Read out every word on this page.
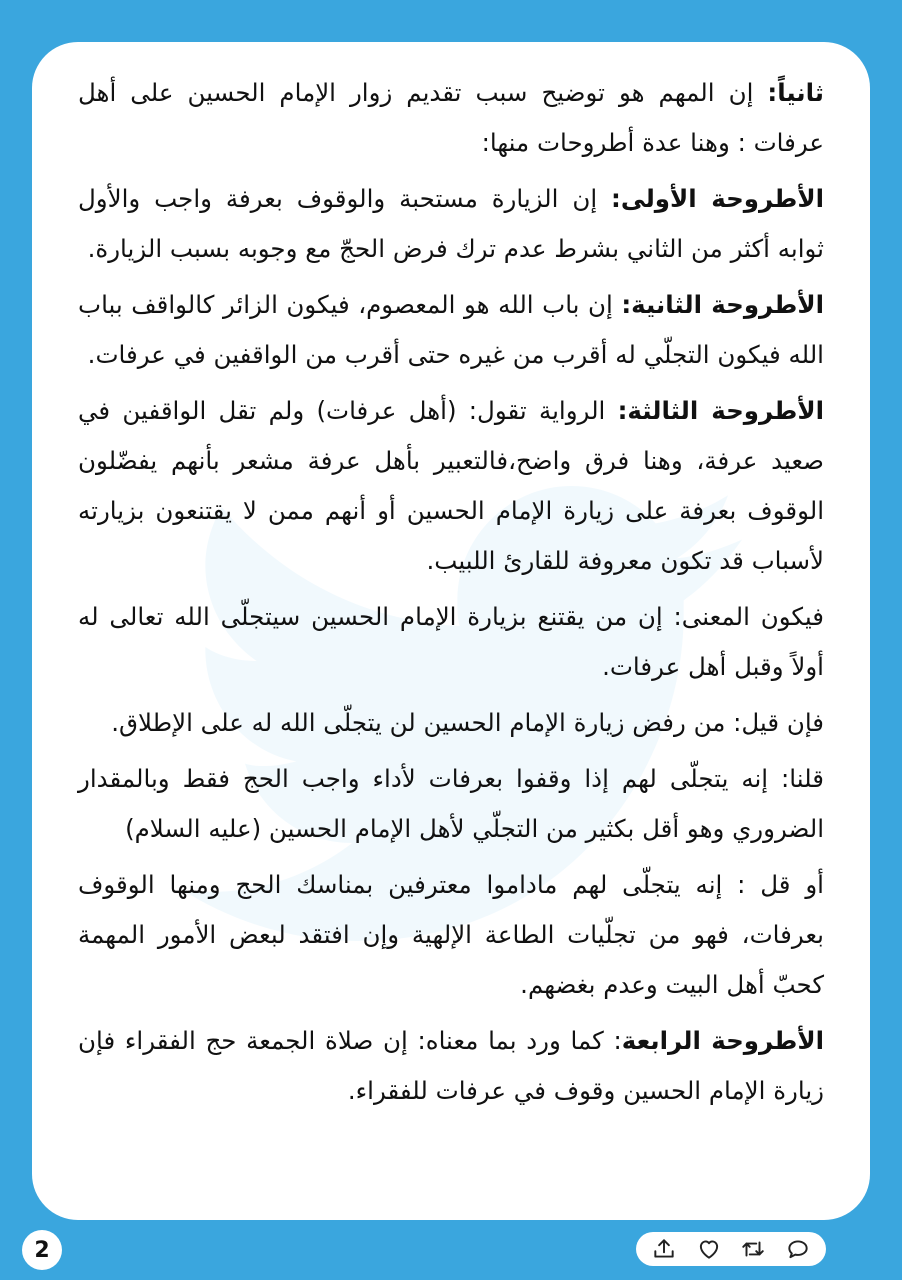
ثانياً: إن المهم هو توضيح سبب تقديم زوار الإمام الحسين على أهل عرفات : وهنا عدة أطروحات منها:

الأطروحة الأولى: إن الزيارة مستحبة والوقوف بعرفة واجب والأول ثوابه أكثر من الثاني بشرط عدم ترك فرض الحجّ مع وجوبه بسبب الزيارة.

الأطروحة الثانية: إن باب الله هو المعصوم، فيكون الزائر كالواقف بباب الله فيكون التجلّي له أقرب من غيره حتى أقرب من الواقفين في عرفات.

الأطروحة الثالثة: الرواية تقول: (أهل عرفات) ولم تقل الواقفين في صعيد عرفة، وهنا فرق واضح،فالتعبير بأهل عرفة مشعر بأنهم يفضّلون الوقوف بعرفة على زيارة الإمام الحسين أو أنهم ممن لا يقتنعون بزيارته لأسباب قد تكون معروفة للقارئ اللبيب.

فيكون المعنى: إن من يقتنع بزيارة الإمام الحسين سيتجلّى الله تعالى له أولاً وقبل أهل عرفات.

فإن قيل: من رفض زيارة الإمام الحسين لن يتجلّى الله له على الإطلاق.

قلنا: إنه يتجلّى لهم إذا وقفوا بعرفات لأداء واجب الحج فقط وبالمقدار الضروري وهو أقل بكثير من التجلّي لأهل الإمام الحسين (عليه السلام)

أو قل : إنه يتجلّى لهم ماداموا معترفين بمناسك الحج ومنها الوقوف بعرفات، فهو من تجلّيات الطاعة الإلهية وإن افتقد لبعض الأمور المهمة كحبّ أهل البيت وعدم بغضهم.

الأطروحة الرابعة: كما ورد بما معناه: إن صلاة الجمعة حج الفقراء فإن زيارة الإمام الحسين وقوف في عرفات للفقراء.

2
